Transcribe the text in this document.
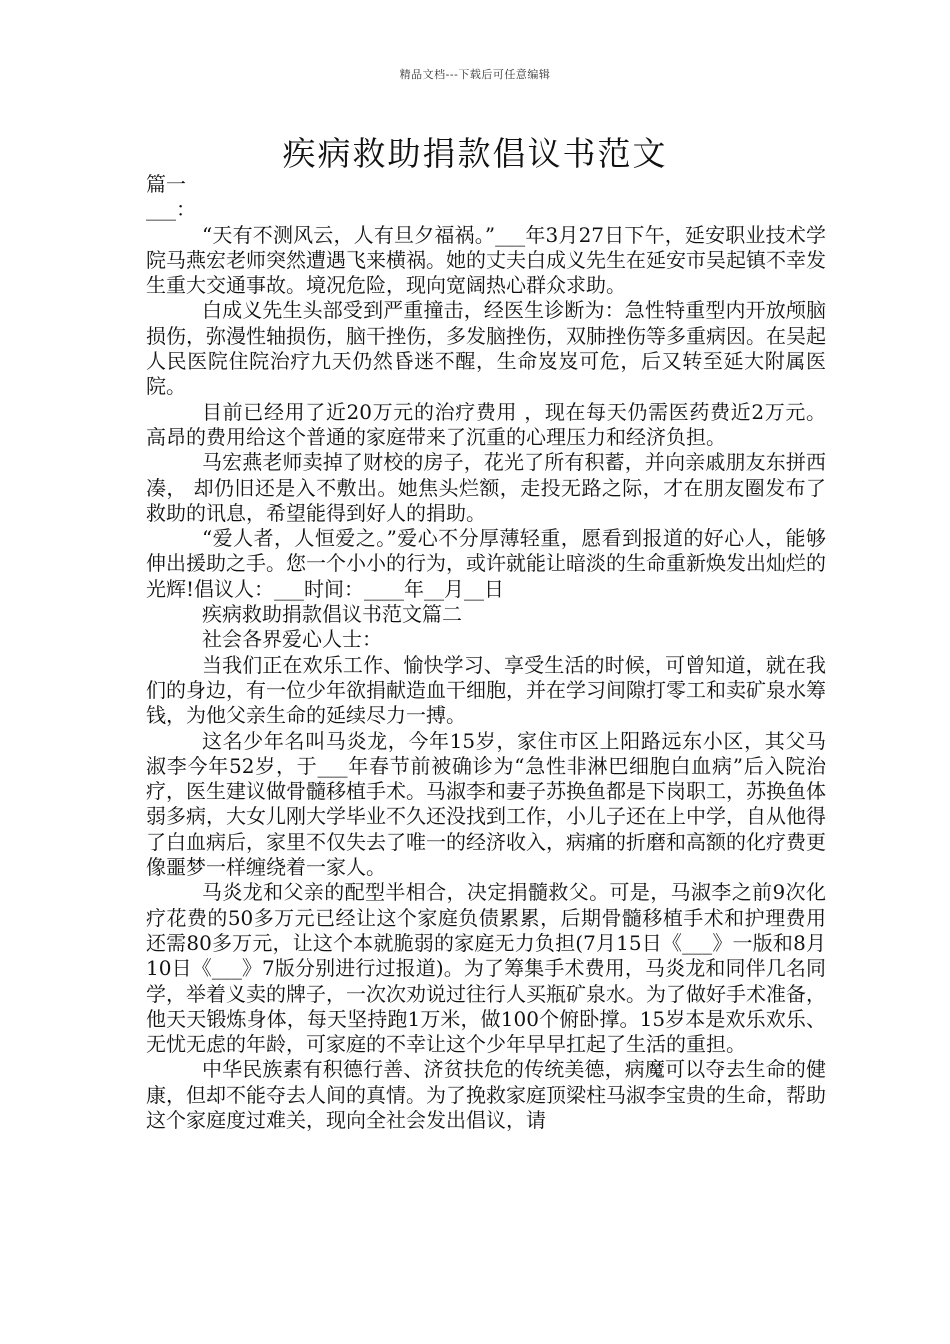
精品文档---下载后可任意编辑
疾病救助捐款倡议书范文

篇一

___：

“天有不测风云，人有旦夕福祸。”___年3月27日下午，延安职业技术学院马燕宏老师突然遭遇飞来横祸。她的丈夫白成义先生在延安市吴起镇不幸发生重大交通事故。境况危险，现向宽阔热心群众求助。

白成义先生头部受到严重撞击，经医生诊断为：急性特重型内开放颅脑损伤，弥漫性轴损伤，脑干挫伤，多发脑挫伤，双肺挫伤等多重病因。在吴起人民医院住院治疗九天仍然昏迷不醒，生命岌岌可危，后又转至延大附属医院。

目前已经用了近20万元的治疗费用 ，现在每天仍需医药费近2万元。高昂的费用给这个普通的家庭带来了沉重的心理压力和经济负担。

马宏燕老师卖掉了财校的房子，花光了所有积蓄，并向亲戚朋友东拼西凑， 却仍旧还是入不敷出。她焦头烂额，走投无路之际，才在朋友圈发布了救助的讯息，希望能得到好人的捐助。

“爱人者，人恒爱之。”爱心不分厚薄轻重，愿看到报道的好心人，能够伸出援助之手。您一个小小的行为，或许就能让暗淡的生命重新焕发出灿烂的光辉!倡议人：___时间：____年__月__日

疾病救助捐款倡议书范文篇二

社会各界爱心人士：

当我们正在欢乐工作、愉快学习、享受生活的时候，可曾知道，就在我们的身边，有一位少年欲捐献造血干细胞，并在学习间隙打零工和卖矿泉水筹钱，为他父亲生命的延续尽力一搏。

这名少年名叫马炎龙，今年15岁，家住市区上阳路远东小区，其父马淑李今年52岁，于___年春节前被确诊为“急性非淋巴细胞白血病”后入院治疗，医生建议做骨髓移植手术。马淑李和妻子苏换鱼都是下岗职工，苏换鱼体弱多病，大女儿刚大学毕业不久还没找到工作，小儿子还在上中学，自从他得了白血病后，家里不仅失去了唯一的经济收入，病痛的折磨和高额的化疗费更像噩梦一样缠绕着一家人。

马炎龙和父亲的配型半相合，决定捐髓救父。可是，马淑李之前9次化疗花费的50多万元已经让这个家庭负债累累，后期骨髓移植手术和护理费用还需80多万元，让这个本就脆弱的家庭无力负担(7月15日《___》一版和8月10日《___》7版分别进行过报道)。为了筹集手术费用，马炎龙和同伴几名同学，举着义卖的牌子，一次次劝说过往行人买瓶矿泉水。为了做好手术准备，他天天锻炼身体，每天坚持跑1万米，做100个俯卧撑。15岁本是欢乐欢乐、无忧无虑的年龄，可家庭的不幸让这个少年早早扛起了生活的重担。

中华民族素有积德行善、济贫扶危的传统美德，病魔可以夺去生命的健康，但却不能夺去人间的真情。为了挽救家庭顶梁柱马淑李宝贵的生命，帮助这个家庭度过难关，现向全社会发出倡议，请
